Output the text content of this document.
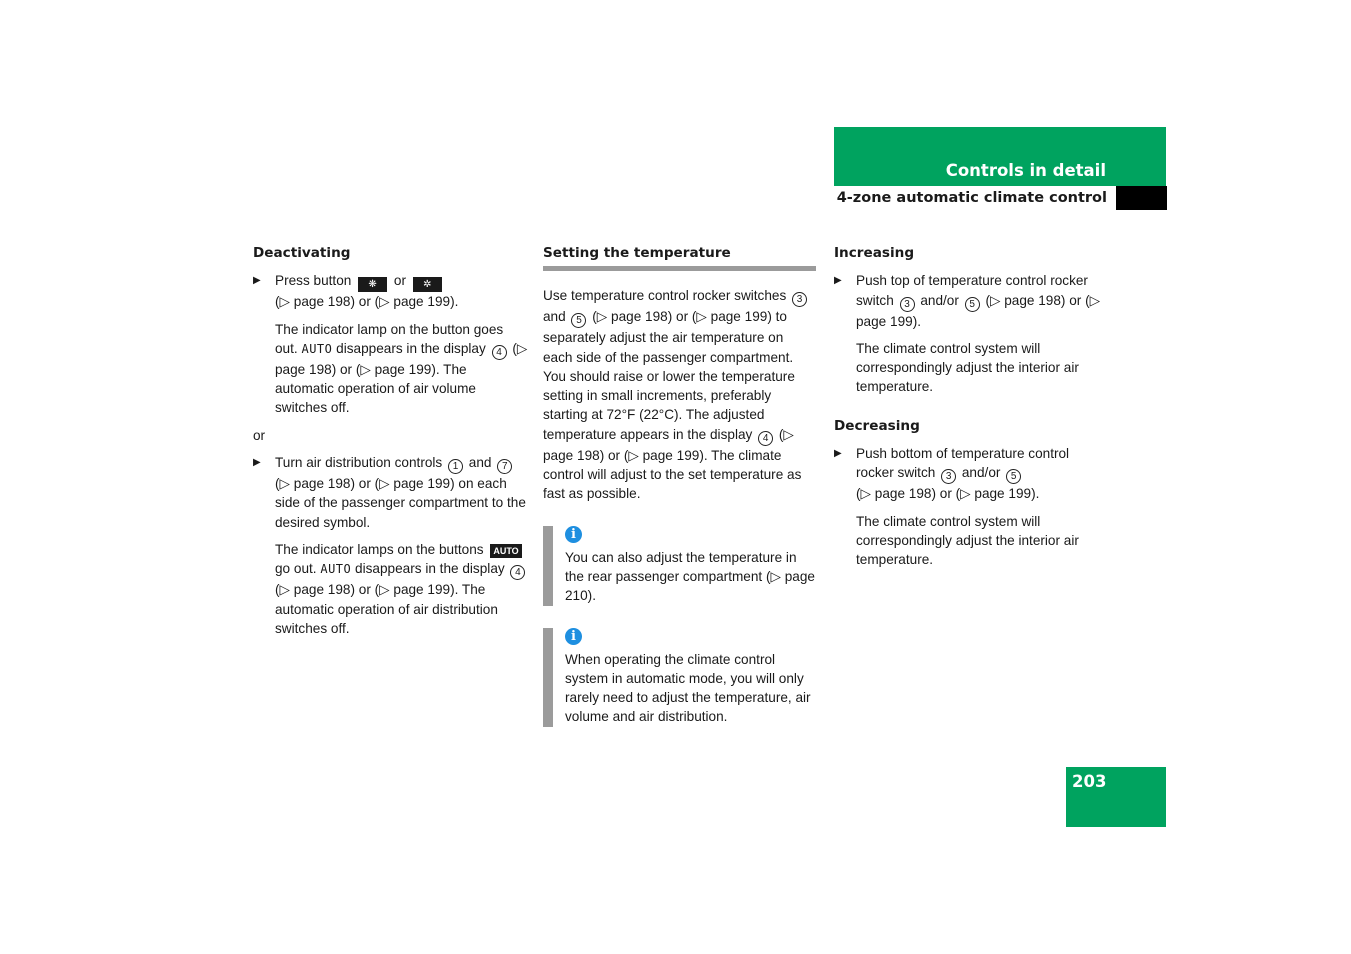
Controls in detail
4-zone automatic climate control
Deactivating
▶ Press button ❋ or ✲
(▷ page 198) or (▷ page 199).
The indicator lamp on the button goes out. AUTO disappears in the display 4 (▷ page 198) or (▷ page 199). The automatic operation of air volume switches off.
or
▶ Turn air distribution controls 1 and 7 (▷ page 198) or (▷ page 199) on each side of the passenger compartment to the desired symbol.
The indicator lamps on the buttons AUTO go out. AUTO disappears in the display 4 (▷ page 198) or (▷ page 199). The automatic operation of air distribution switches off.
Setting the temperature
Use temperature control rocker switches 3 and 5 (▷ page 198) or (▷ page 199) to separately adjust the air temperature on each side of the passenger compartment. You should raise or lower the temperature setting in small increments, preferably starting at 72°F (22°C). The adjusted temperature appears in the display 4 (▷ page 198) or (▷ page 199). The climate control will adjust to the set temperature as fast as possible.
i
You can also adjust the temperature in the rear passenger compartment (▷ page 210).
i
When operating the climate control system in automatic mode, you will only rarely need to adjust the temperature, air volume and air distribution.
Increasing
▶ Push top of temperature control rocker switch 3 and/or 5 (▷ page 198) or (▷ page 199).
The climate control system will correspondingly adjust the interior air temperature.
Decreasing
▶ Push bottom of temperature control rocker switch 3 and/or 5
(▷ page 198) or (▷ page 199).
The climate control system will correspondingly adjust the interior air temperature.
203
